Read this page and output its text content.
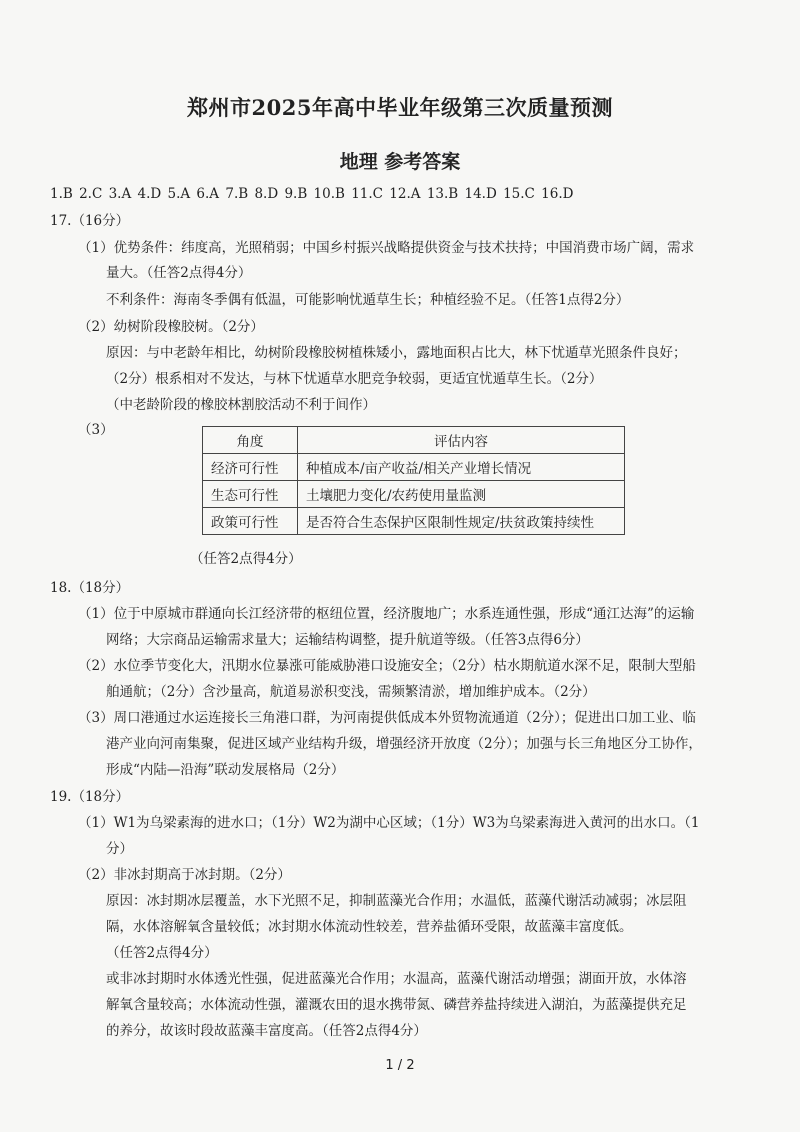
郑州市2025年高中毕业年级第三次质量预测
地理 参考答案
1.B 2.C 3.A 4.D 5.A 6.A 7.B 8.D 9.B 10.B 11.C 12.A 13.B 14.D 15.C 16.D
17.（16分）
（1）优势条件：纬度高，光照稍弱；中国乡村振兴战略提供资金与技术扶持；中国消费市场广阔，需求
量大。（任答2点得4分）
不利条件：海南冬季偶有低温，可能影响忧遁草生长；种植经验不足。（任答1点得2分）
（2）幼树阶段橡胶树。（2分）
原因：与中老龄年相比，幼树阶段橡胶树植株矮小，露地面积占比大，林下忧遁草光照条件良好；
（2分）根系相对不发达，与林下忧遁草水肥竞争较弱，更适宜忧遁草生长。（2分）
（中老龄阶段的橡胶林割胶活动不利于间作）
（3）
角度	评估内容
经济可行性	种植成本/亩产收益/相关产业增长情况
生态可行性	土壤肥力变化/农药使用量监测
政策可行性	是否符合生态保护区限制性规定/扶贫政策持续性
（任答2点得4分）
18.（18分）
（1）位于中原城市群通向长江经济带的枢纽位置，经济腹地广；水系连通性强，形成“通江达海”的运输
网络；大宗商品运输需求量大；运输结构调整，提升航道等级。（任答3点得6分）
（2）水位季节变化大，汛期水位暴涨可能威胁港口设施安全；（2分）枯水期航道水深不足，限制大型船
舶通航；（2分）含沙量高，航道易淤积变浅，需频繁清淤，增加维护成本。（2分）
（3）周口港通过水运连接长三角港口群，为河南提供低成本外贸物流通道（2分）；促进出口加工业、临
港产业向河南集聚，促进区域产业结构升级，增强经济开放度（2分）；加强与长三角地区分工协作，
形成“内陆—沿海”联动发展格局（2分）
19.（18分）
（1）W1为乌梁素海的进水口；（1分）W2为湖中心区域；（1分）W3为乌梁素海进入黄河的出水口。（1
分）
（2）非冰封期高于冰封期。（2分）
原因：冰封期冰层覆盖，水下光照不足，抑制蓝藻光合作用；水温低，蓝藻代谢活动减弱；冰层阻
隔，水体溶解氧含量较低；冰封期水体流动性较差，营养盐循环受限，故蓝藻丰富度低。
（任答2点得4分）
或非冰封期时水体透光性强，促进蓝藻光合作用；水温高，蓝藻代谢活动增强；湖面开放，水体溶
解氧含量较高；水体流动性强，灌溉农田的退水携带氮、磷营养盐持续进入湖泊，为蓝藻提供充足
的养分，故该时段故蓝藻丰富度高。（任答2点得4分）
1 / 2
